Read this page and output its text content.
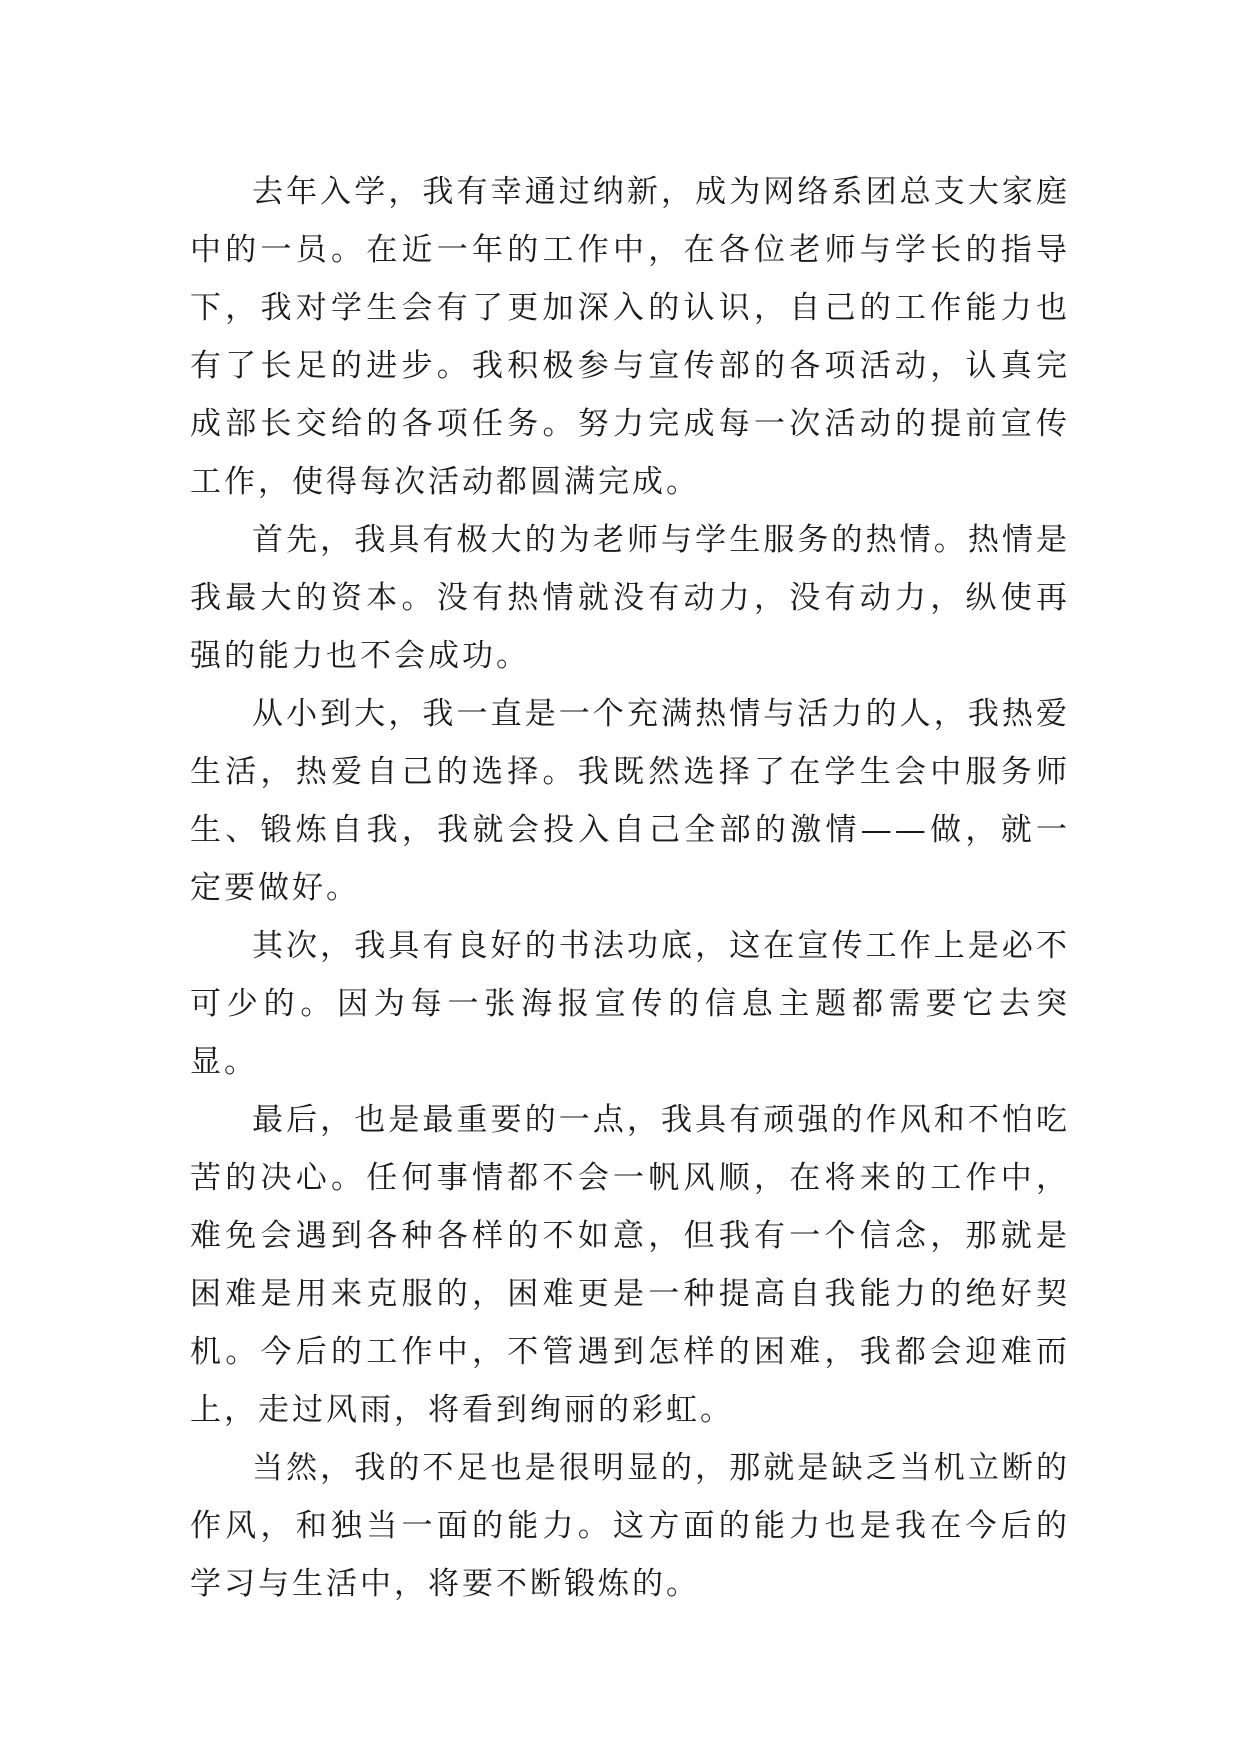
去年入学，我有幸通过纳新，成为网络系团总支大家庭中的一员。在近一年的工作中，在各位老师与学长的指导下，我对学生会有了更加深入的认识，自己的工作能力也有了长足的进步。我积极参与宣传部的各项活动，认真完成部长交给的各项任务。努力完成每一次活动的提前宣传工作，使得每次活动都圆满完成。

首先，我具有极大的为老师与学生服务的热情。热情是我最大的资本。没有热情就没有动力，没有动力，纵使再强的能力也不会成功。

从小到大，我一直是一个充满热情与活力的人，我热爱生活，热爱自己的选择。我既然选择了在学生会中服务师生、锻炼自我，我就会投入自己全部的激情——做，就一定要做好。

其次，我具有良好的书法功底，这在宣传工作上是必不可少的。因为每一张海报宣传的信息主题都需要它去突显。

最后，也是最重要的一点，我具有顽强的作风和不怕吃苦的决心。任何事情都不会一帆风顺，在将来的工作中，难免会遇到各种各样的不如意，但我有一个信念，那就是困难是用来克服的，困难更是一种提高自我能力的绝好契机。今后的工作中，不管遇到怎样的困难，我都会迎难而上，走过风雨，将看到绚丽的彩虹。

当然，我的不足也是很明显的，那就是缺乏当机立断的作风，和独当一面的能力。这方面的能力也是我在今后的学习与生活中，将要不断锻炼的。
